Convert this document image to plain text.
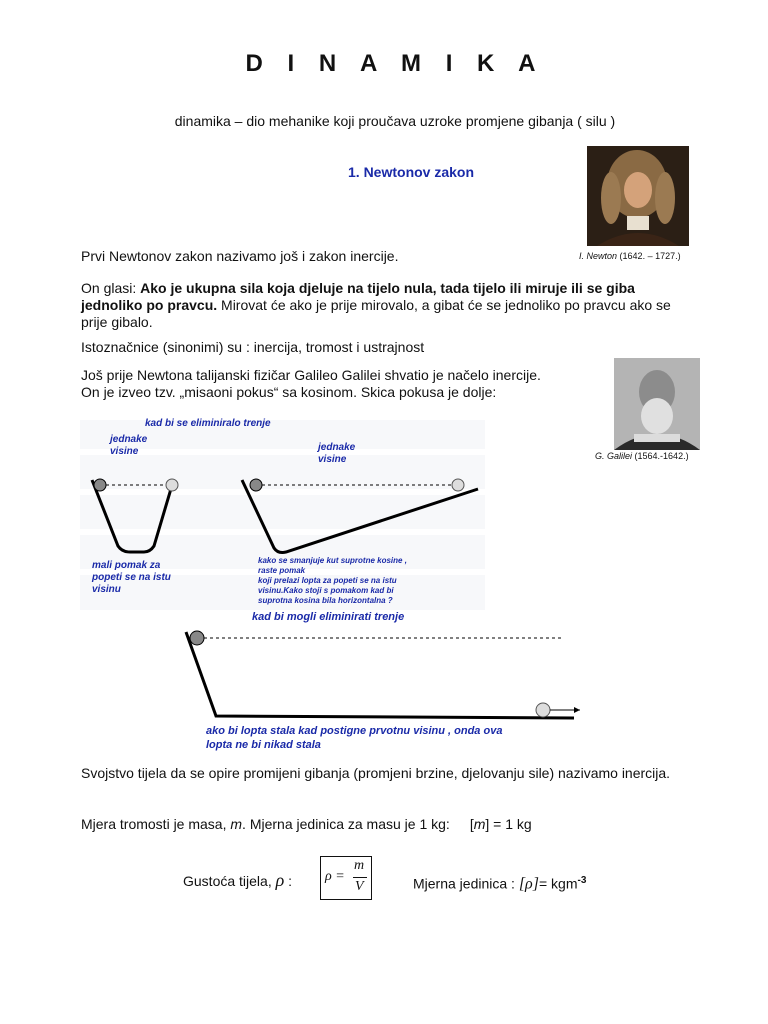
D I N A M I K A
dinamika – dio mehanike koji proučava uzroke promjene gibanja ( silu )
1. Newtonov zakon
I. Newton (1642. – 1727.)
Prvi Newtonov zakon nazivamo još i zakon inercije.
On glasi: Ako je ukupna sila koja djeluje na tijelo nula, tada tijelo ili miruje ili se giba jednoliko po pravcu. Mirovat će ako je prije mirovalo, a gibat će se jednoliko po pravcu ako se prije gibalo.
Istoznačnice (sinonimi) su : inercija, tromost i ustrajnost
Još prije Newtona talijanski fizičar Galileo Galilei shvatio je načelo inercije.
On je izveo tzv. „misaoni pokus“ sa kosinom. Skica pokusa je dolje:
G. Galilei (1564.-1642.)
kad bi se eliminiralo trenje
jednake
visine	jednake
visine
mali pomak za
popeti se na istu
visinu
kako se smanjuje kut suprotne kosine ,
raste pomak
koji prelazi lopta za popeti se na istu
visinu.Kako stoji s pomakom kad bi
suprotna kosina bila horizontalna ?
kad bi mogli eliminirati trenje
ako bi lopta stala kad postigne prvotnu visinu , onda ova
lopta ne bi nikad stala
Svojstvo tijela da se opire promijeni gibanja (promjeni brzine, djelovanju sile) nazivamo inercija.
Mjera tromosti je masa, m. Mjerna jedinica za masu je 1 kg: [m] = 1 kg
Gustoća tijela, ρ : ρ =
m
V	Mjerna jedinica : [ρ]= kgm$^{-3}$
